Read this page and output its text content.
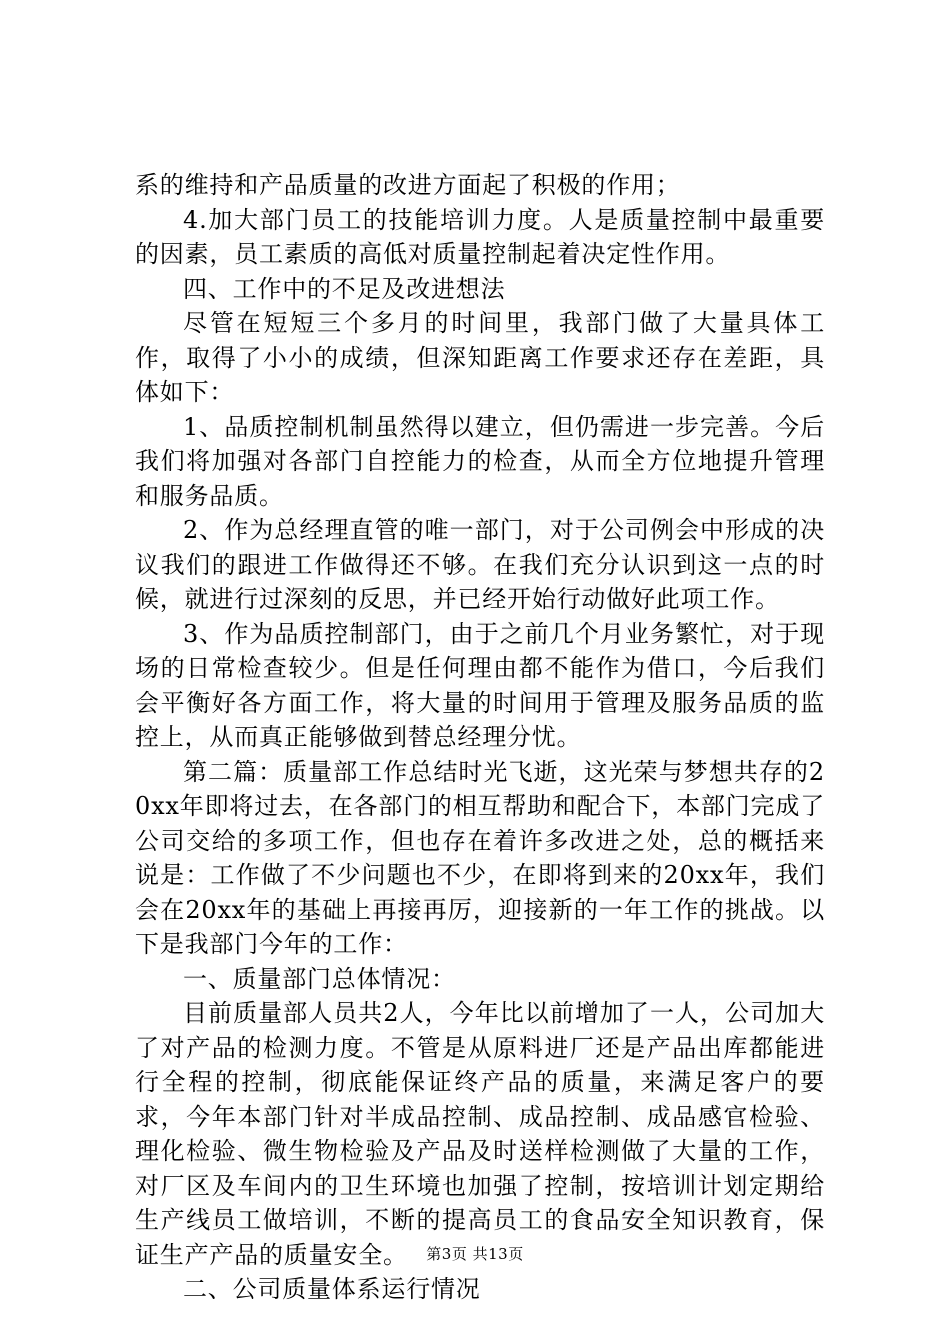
系的维持和产品质量的改进方面起了积极的作用；

4.加大部门员工的技能培训力度。人是质量控制中最重要的因素，员工素质的高低对质量控制起着决定性作用。

四、工作中的不足及改进想法

尽管在短短三个多月的时间里，我部门做了大量具体工作，取得了小小的成绩，但深知距离工作要求还存在差距，具体如下：

1、品质控制机制虽然得以建立，但仍需进一步完善。今后我们将加强对各部门自控能力的检查，从而全方位地提升管理和服务品质。

2、作为总经理直管的唯一部门，对于公司例会中形成的决议我们的跟进工作做得还不够。在我们充分认识到这一点的时候，就进行过深刻的反思，并已经开始行动做好此项工作。

3、作为品质控制部门，由于之前几个月业务繁忙，对于现场的日常检查较少。但是任何理由都不能作为借口，今后我们会平衡好各方面工作，将大量的时间用于管理及服务品质的监控上，从而真正能够做到替总经理分忧。

第二篇：质量部工作总结时光飞逝，这光荣与梦想共存的20xx年即将过去，在各部门的相互帮助和配合下，本部门完成了公司交给的多项工作，但也存在着许多改进之处，总的概括来说是：工作做了不少问题也不少，在即将到来的20xx年，我们会在20xx年的基础上再接再厉，迎接新的一年工作的挑战。以下是我部门今年的工作：

一、质量部门总体情况：

目前质量部人员共2人，今年比以前增加了一人，公司加大了对产品的检测力度。不管是从原料进厂还是产品出库都能进行全程的控制，彻底能保证终产品的质量，来满足客户的要求，今年本部门针对半成品控制、成品控制、成品感官检验、理化检验、微生物检验及产品及时送样检测做了大量的工作，对厂区及车间内的卫生环境也加强了控制，按培训计划定期给生产线员工做培训，不断的提高员工的食品安全知识教育，保证生产产品的质量安全。

二、公司质量体系运行情况

第3页 共13页
